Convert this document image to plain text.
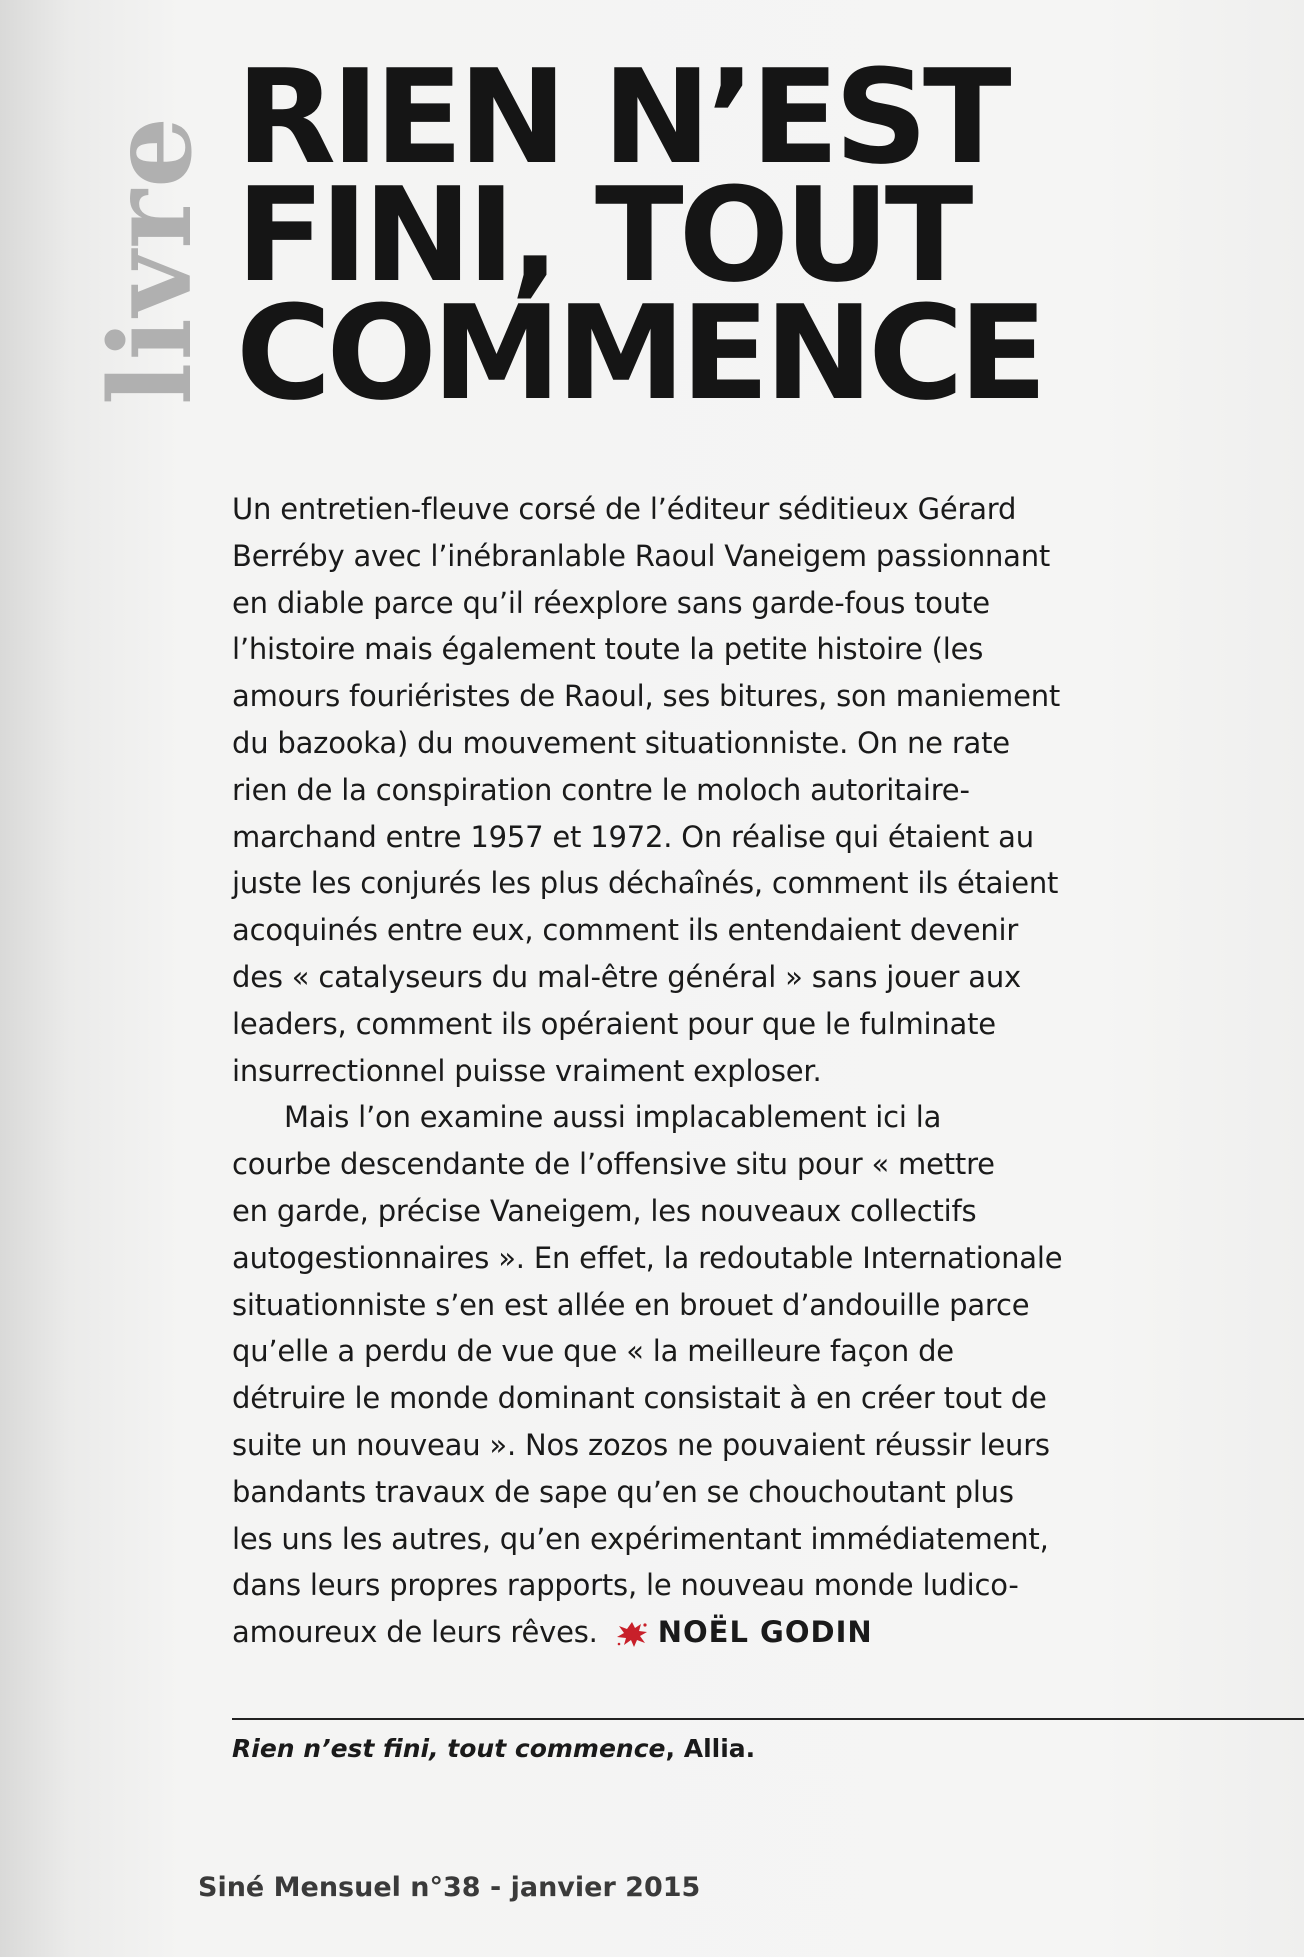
livre RIEN N’EST
FINI, TOUT
COMMENCE
Un entretien-fleuve corsé de l’éditeur séditieux Gérard
Berréby avec l’inébranlable Raoul Vaneigem passionnant
en diable parce qu’il réexplore sans garde-fous toute
l’histoire mais également toute la petite histoire (les
amours fouriéristes de Raoul, ses bitures, son maniement
du bazooka) du mouvement situationniste. On ne rate
rien de la conspiration contre le moloch autoritaire-
marchand entre 1957 et 1972. On réalise qui étaient au
juste les conjurés les plus déchaînés, comment ils étaient
acoquinés entre eux, comment ils entendaient devenir
des « catalyseurs du mal-être général » sans jouer aux
leaders, comment ils opéraient pour que le fulminate
insurrectionnel puisse vraiment exploser.
Mais l’on examine aussi implacablement ici la
courbe descendante de l’offensive situ pour « mettre
en garde, précise Vaneigem, les nouveaux collectifs
autogestionnaires ». En effet, la redoutable Internationale
situationniste s’en est allée en brouet d’andouille parce
qu’elle a perdu de vue que « la meilleure façon de
détruire le monde dominant consistait à en créer tout de
suite un nouveau ». Nos zozos ne pouvaient réussir leurs
bandants travaux de sape qu’en se chouchoutant plus
les uns les autres, qu’en expérimentant immédiatement,
dans leurs propres rapports, le nouveau monde ludico-
amoureux de leurs rêves. NOËL GODIN
Rien n’est fini, tout commence, Allia.
Siné Mensuel n°38 - janvier 2015
